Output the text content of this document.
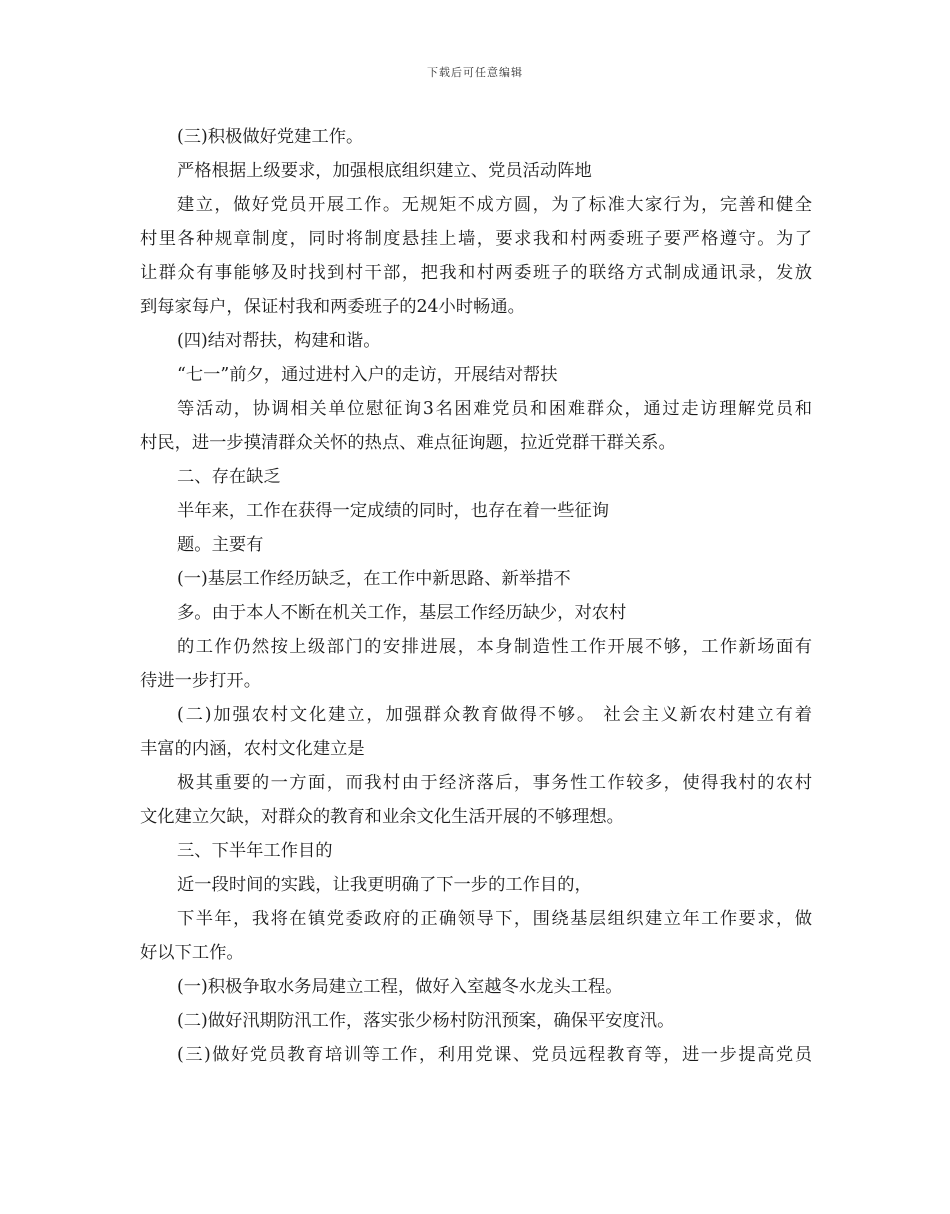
下载后可任意编辑
(三)积极做好党建工作。
严格根据上级要求，加强根底组织建立、党员活动阵地
建立，做好党员开展工作。无规矩不成方圆，为了标准大家行为，完善和健全
村里各种规章制度，同时将制度悬挂上墙，要求我和村两委班子要严格遵守。为了
让群众有事能够及时找到村干部，把我和村两委班子的联络方式制成通讯录，发放
到每家每户，保证村我和两委班子的24小时畅通。
(四)结对帮扶，构建和谐。
“七一”前夕，通过进村入户的走访，开展结对帮扶
等活动，协调相关单位慰征询3名困难党员和困难群众，通过走访理解党员和
村民，进一步摸清群众关怀的热点、难点征询题，拉近党群干群关系。
二、存在缺乏
半年来，工作在获得一定成绩的同时，也存在着一些征询
题。主要有
(一)基层工作经历缺乏，在工作中新思路、新举措不
多。由于本人不断在机关工作，基层工作经历缺少，对农村
的工作仍然按上级部门的安排进展，本身制造性工作开展不够，工作新场面有
待进一步打开。
(二)加强农村文化建立，加强群众教育做得不够。 社会主义新农村建立有着
丰富的内涵，农村文化建立是
极其重要的一方面，而我村由于经济落后，事务性工作较多，使得我村的农村
文化建立欠缺，对群众的教育和业余文化生活开展的不够理想。
三、下半年工作目的
近一段时间的实践，让我更明确了下一步的工作目的，
下半年，我将在镇党委政府的正确领导下，围绕基层组织建立年工作要求，做
好以下工作。
(一)积极争取水务局建立工程，做好入室越冬水龙头工程。
(二)做好汛期防汛工作，落实张少杨村防汛预案，确保平安度汛。
(三)做好党员教育培训等工作，利用党课、党员远程教育等，进一步提高党员
